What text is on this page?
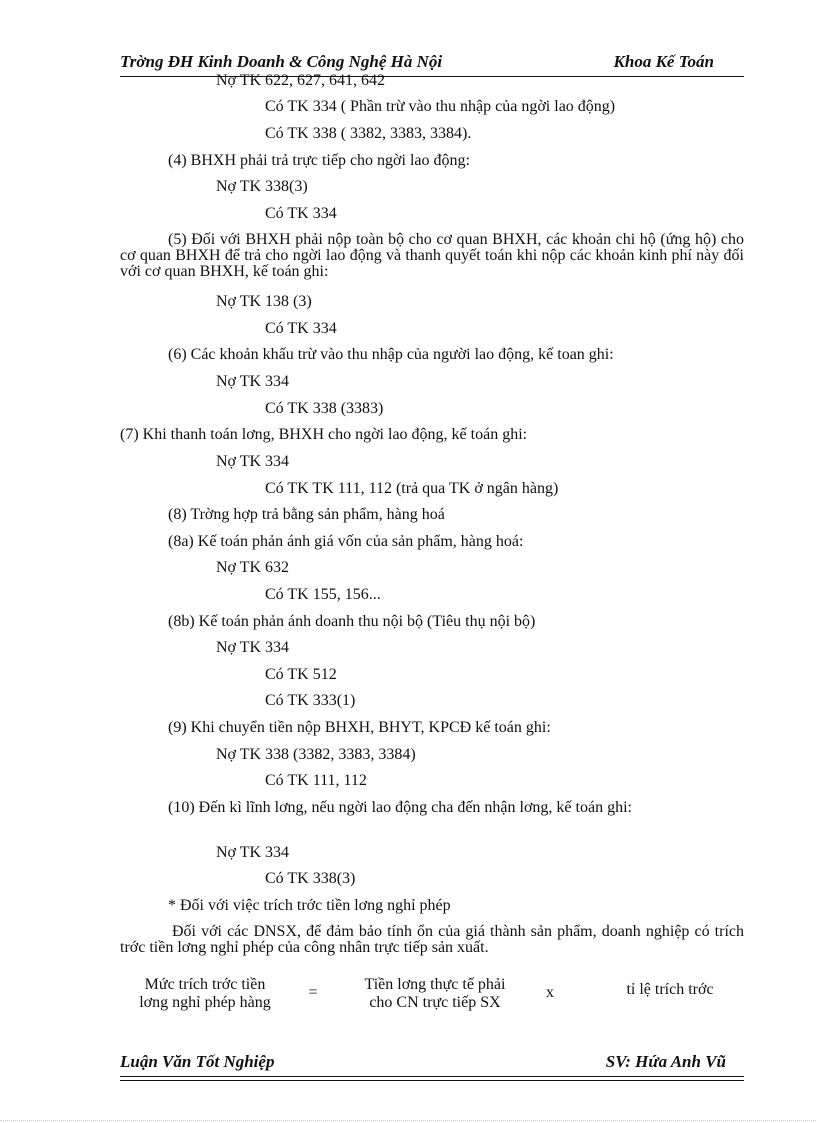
Trờng ĐH Kinh Doanh & Công Nghệ Hà Nội	Khoa Kế Toán
Nợ TK 622, 627, 641, 642
Có TK 334 ( Phần trừ vào thu nhập của ngời lao động)
Có TK 338 ( 3382, 3383, 3384).
(4) BHXH phải trả trực tiếp cho ngời lao động:
Nợ TK 338(3)
Có TK 334
(5) Đối với BHXH phải nộp toàn bộ cho cơ quan BHXH, các khoản chi hộ (ứng hộ) cho cơ quan BHXH để trả cho ngời lao động và thanh quyết toán khi nộp các khoản kinh phí này đối với cơ quan BHXH, kế toán ghi:
Nợ TK 138 (3)
Có TK 334
(6) Các khoản khấu trừ vào thu nhập của người lao động, kế toan ghi:
Nợ TK 334
Có TK 338 (3383)
(7) Khi thanh toán lơng, BHXH cho ngời lao động, kế toán ghi:
Nợ TK 334
Có TK TK 111, 112 (trả qua TK ở ngân hàng)
(8) Trờng hợp trả bằng sản phẩm, hàng hoá
(8a) Kế toán phản ánh giá vốn của sản phẩm, hàng hoá:
Nợ TK 632
Có TK 155, 156...
(8b) Kế toán phản ánh doanh thu nội bộ (Tiêu thụ nội bộ)
Nợ TK 334
Có TK 512
Có TK 333(1)
(9) Khi chuyển tiền nộp BHXH, BHYT, KPCĐ kế toán ghi:
Nợ TK 338 (3382, 3383, 3384)
Có TK 111, 112
(10) Đến kì lĩnh lơng, nếu ngời lao động cha đến nhận lơng, kế toán ghi:
Nợ TK 334
Có TK 338(3)
* Đối với việc trích trớc tiền lơng nghỉ phép
Đối với các DNSX, để đảm bảo tính ổn của giá thành sản phẩm, doanh nghiệp có trích trớc tiền lơng nghỉ phép của công nhân trực tiếp sản xuất.
Mức trích trớc tiền
lơng nghỉ phép hàng
=	Tiền lơng thực tế phải
cho CN trực tiếp SX
x	tỉ lệ trích trớc
Luận Văn Tốt Nghiệp	SV: Hứa Anh Vũ
